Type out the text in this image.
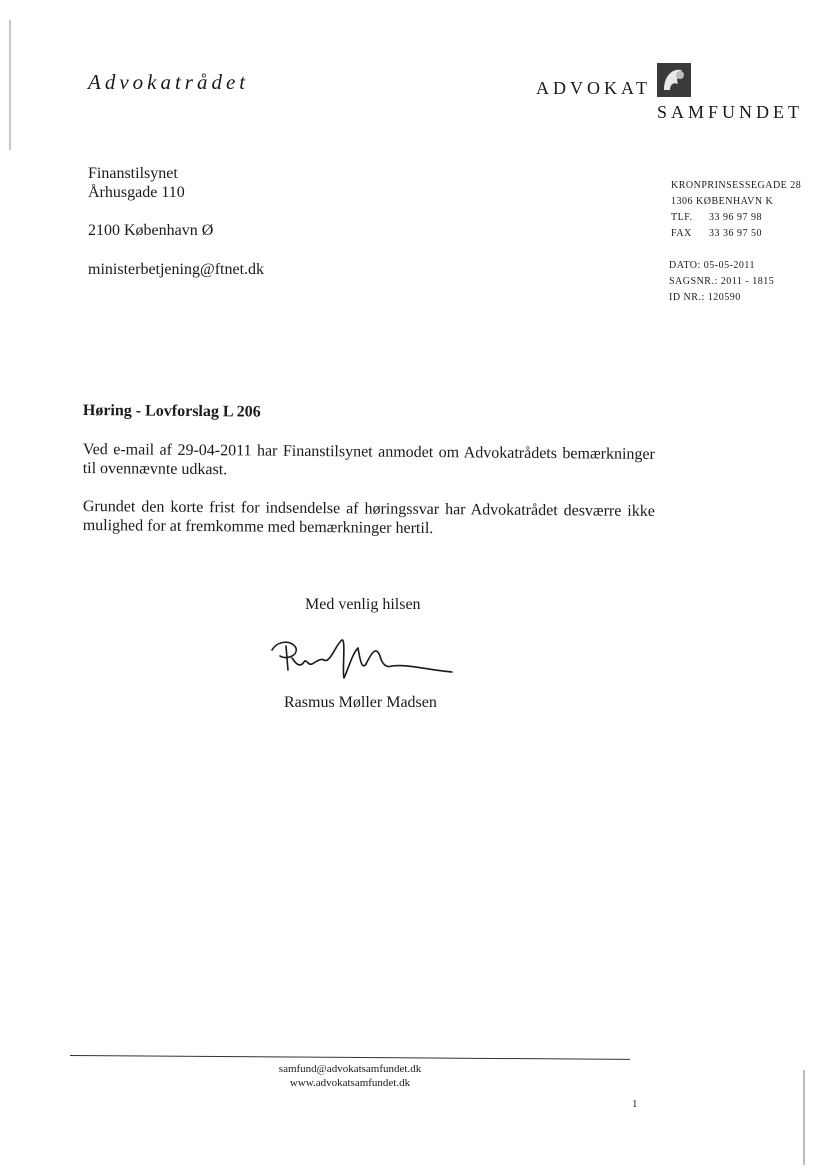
Advokatrådet	ADVOKAT
SAMFUNDET
Finanstilsynet
Århusgade 110
2100 København Ø
ministerbetjening@ftnet.dk
KRONPRINSESSEGADE 28
1306 KØBENHAVN K
TLF. 33 96 97 98
FAX 33 36 97 50
DATO: 05-05-2011
SAGSNR.: 2011 - 1815
ID NR.: 120590
Høring - Lovforslag L 206
Ved e-mail af 29-04-2011 har Finanstilsynet anmodet om Advokatrådets bemærkninger til ovennævnte udkast.
Grundet den korte frist for indsendelse af høringssvar har Advokatrådet desværre ikke mulighed for at fremkomme med bemærkninger hertil.
Med venlig hilsen
Rasmus Møller Madsen
samfund@advokatsamfundet.dk
www.advokatsamfundet.dk
1
